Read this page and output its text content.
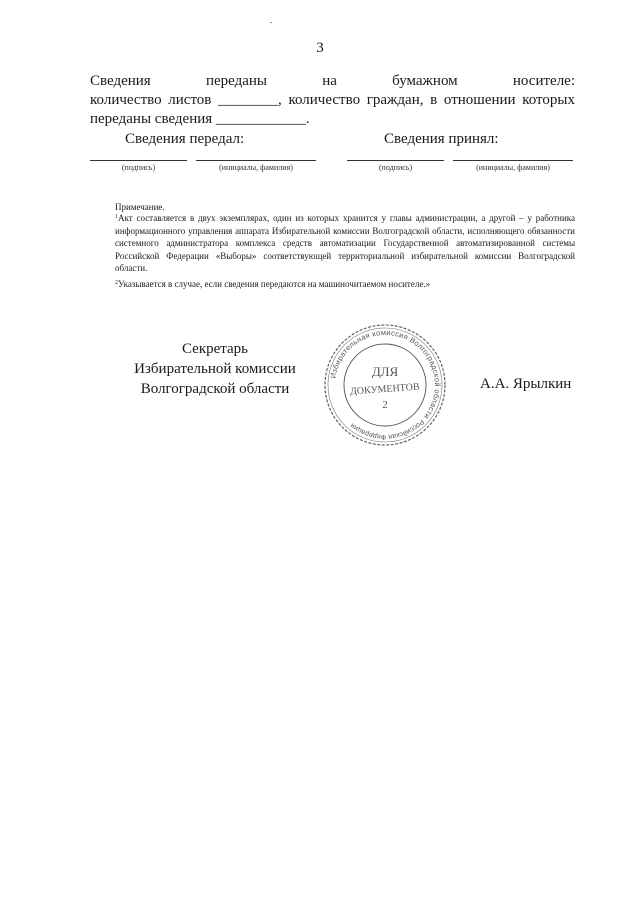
3
Сведения переданы на бумажном носителе:
количество листов ________, количество граждан, в отношении которых
переданы сведения ____________.
Сведения передал:	Сведения принял:
(подпись)	(инициалы, фамилия)	(подпись)	(инициалы, фамилия)
Примечание.
$^1$Акт составляется в двух экземплярах, один из которых хранится у главы администрации, а другой – у работника информационного управления аппарата Избирательной комиссии Волгоградской области, исполняющего обязанности системного администратора комплекса средств автоматизации Государственной автоматизированной системы Российской Федерации «Выборы» соответствующей территориальной избирательной комиссии Волгоградской области.
$^2$Указывается в случае, если сведения передаются на машиночитаемом носителе.»
Секретарь
Избирательной комиссии
Волгоградской области
Избирательная комиссия Волгоградской области
Российская Федерация
ДЛЯ
ДОКУМЕНТОВ
2
А.А. Ярылкин
